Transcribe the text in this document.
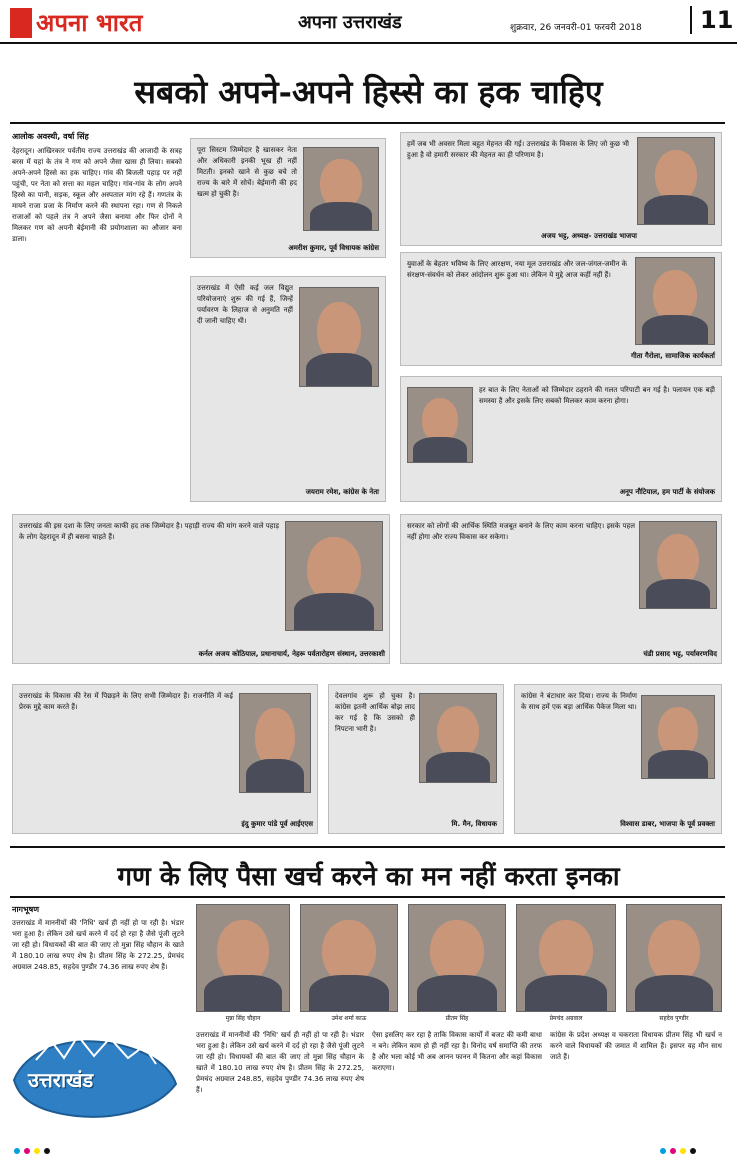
अपना भारत	अपना उत्तराखंड	शुक्रवार, 26 जनवरी-01 फरवरी 2018	11
सबको अपने-अपने हिस्से का हक चाहिए
आलोक अवस्थी, वर्षा सिंह
देहरादून। आखिरकार पर्वतीय राज्य उत्तराखंड की आजादी के सत्रह बरस में यहां के तंत्र ने गण को अपने जैसा खास ही लिया। सबको अपने-अपने हिस्से का हक चाहिए। गांव की बिजली पहाड़ पर नहीं पहुंची, पर नेता को सत्ता का महल चाहिए। गांव-गांव के लोग अपने हिस्से का पानी, सड़क, स्कूल और अस्पताल मांग रहे हैं। गणतंत्र के मायने राजा प्रजा के निर्माण करने की स्थापना रहा। गण से निकले राजाओं को पहले तंत्र ने अपने जैसा बनाया और फिर दोनों ने मिलकर गण को अपनी बेईमानी की प्रयोगशाला का औजार बना डाला।
पूरा सिस्टम जिम्मेदार है खासकर नेता और अधिकारी इनकी भूख ही नहीं मिटती। इनको खाने से कुछ बचे तो राज्य के बारे में सोचें। बेईमानी की हद खत्म हो चुकी है।
अमरीश कुमार, पूर्व विधायक कांग्रेस
हमें जब भी अवसर मिला बहुत मेहनत की गई। उत्तराखंड के विकास के लिए जो कुछ भी हुआ है वो हमारी सरकार की मेहनत का ही परिणाम है।
अजय भट्ट, अध्यक्ष- उत्तराखंड भाजपा
युवाओं के बेहतर भविष्य के लिए आरक्षण, नया मूल उत्तराखंड और जल-जंगल-जमीन के संरक्षण-संवर्धन को लेकर आंदोलन शुरू हुआ था। लेकिन ये मुद्दे आज कहीं नहीं हैं।
गीता गैरोला, सामाजिक कार्यकर्ता
उत्तराखंड में ऐसी कई जल विद्युत परियोजनाएं शुरू की गई हैं, जिन्हें पर्यावरण के लिहाज से अनुमति नहीं दी जानी चाहिए थी।
जयराम रमेश, कांग्रेस के नेता
हर बात के लिए नेताओं को जिम्मेदार ठहराने की गलत परिपाटी बन गई है। पलायन एक बड़ी समस्या है और इसके लिए सबको मिलकर काम करना होगा।
अनूप नौटियाल, हम पार्टी के संयोजक
उत्तराखंड की इस दशा के लिए जनता काफी हद तक जिम्मेदार है। पहाड़ी राज्य की मांग करने वाले पहाड़ के लोग देहरादून में ही बसना चाहते हैं।
कर्नल अजय कोठियाल, प्रधानाचार्य, नेहरू पर्वतारोहण संस्थान, उत्तरकाशी
सरकार को लोगों की आर्थिक स्थिति मजबूत बनाने के लिए काम करना चाहिए। इसके पहल नहीं होगा और राज्य विकास कर सकेगा।
चंडी प्रसाद भट्ट, पर्यावरणविद
उत्तराखंड के विकास की रेस में पिछड़ने के लिए सभी जिम्मेदार हैं। राजनीति में कई प्रेरक मुद्दे काम करते हैं।
इंदु कुमार पांडे पूर्व आईएएस
देवलगांव शुरू हो चुका है। कांग्रेस इतनी आर्थिक बोझ लाद कर गई है कि उसको ही निपटना भारी है।
मि. मैन, विधायक
कांग्रेस ने बंटाधार कर दिया। राज्य के निर्माण के साथ हमें एक बड़ा आर्थिक पैकेज मिला था।
विश्वास डाबर, भाजपा के पूर्व प्रवक्ता
गण के लिए पैसा खर्च करने का मन नहीं करता इनका
नागभूषण
उत्तराखंड में माननीयों की 'निधि' खर्च ही नहीं हो पा रही है। भंडार भरा हुआ है। लेकिन उसे खर्च करने में दर्द हो रहा है जैसे पूंजी लुटने जा रही हो। विधायकों की बात की जाए तो मुन्ना सिंह चौहान के खाते में 180.10 लाख रुपए शेष है। प्रीतम सिंह के 272.25, प्रेमचंद अग्रवाल 248.85, सहदेव पुण्डीर 74.36 लाख रुपए शेष हैं।
मुन्ना सिंह चौहान	उमेश शर्मा काऊ	प्रीतम सिंह	प्रेमचंद अग्रवाल	सहदेव पुण्डीर
उत्तराखंड
उत्तराखंड में माननीयों की 'निधि' खर्च ही नहीं हो पा रही है। भंडार भरा हुआ है। लेकिन उसे खर्च करने में दर्द हो रहा है जैसे पूंजी लुटने जा रही हो। विधायकों की बात की जाए तो मुन्ना सिंह चौहान के खाते में 180.10 लाख रुपए शेष है। प्रीतम सिंह के 272.25, प्रेमचंद अग्रवाल 248.85, सहदेव पुण्डीर 74.36 लाख रुपए शेष हैं।
ऐसा इसलिए कर रहा है ताकि विकास कार्यों में बजट की कमी बाधा न बने। लेकिन काम हो ही नहीं रहा है। विनोद वर्ष समाप्ति की तरफ है और भला कोई भी अब आनन फानन में कितना और कहां विकास कराएगा।
कांग्रेस के प्रदेश अध्यक्ष व चकराता विधायक प्रीतम सिंह भी खर्च न करने वाले विधायकों की जमात में शामिल हैं। इसपर वह मौन साध जाते हैं।
